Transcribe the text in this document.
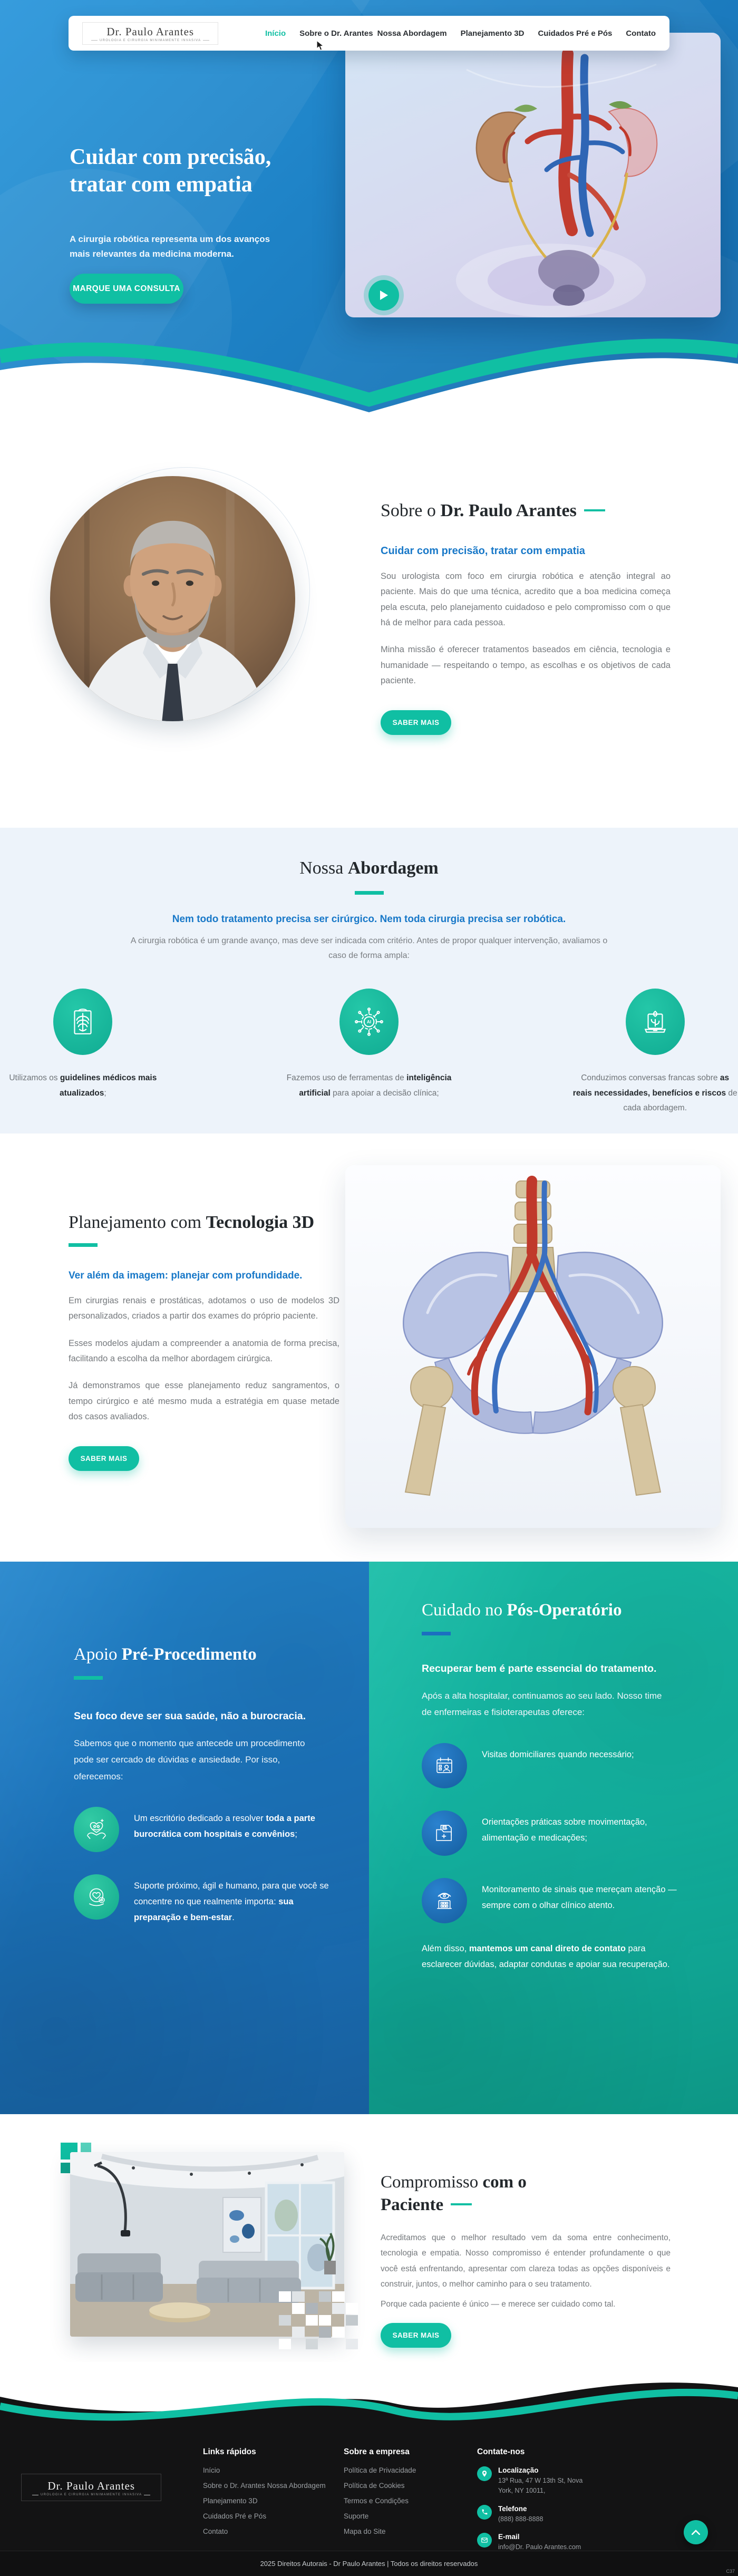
Dr. Paulo Arantes
UROLOGIA E CIRURGIA MINIMAMENTE INVASIVA
Início Sobre o Dr. Arantes Nossa Abordagem Planejamento 3D Cuidados Pré e Pós Contato
Cuidar com precisão,
tratar com empatia

A cirurgia robótica representa um dos avanços mais relevantes da medicina moderna.

MARQUE UMA CONSULTA
Sobre o Dr. Paulo Arantes
Cuidar com precisão, tratar com empatia

Sou urologista com foco em cirurgia robótica e atenção integral ao paciente. Mais do que uma técnica, acredito que a boa medicina começa pela escuta, pelo planejamento cuidadoso e pelo compromisso com o que há de melhor para cada pessoa.

Minha missão é oferecer tratamentos baseados em ciência, tecnologia e humanidade — respeitando o tempo, as escolhas e os objetivos de cada paciente.

SABER MAIS
Nossa Abordagem
Nem todo tratamento precisa ser cirúrgico. Nem toda cirurgia precisa ser robótica.

A cirurgia robótica é um grande avanço, mas deve ser indicada com critério. Antes de propor qualquer intervenção, avaliamos o caso de forma ampla:

Utilizamos os guidelines médicos mais atualizados;

AI

Fazemos uso de ferramentas de inteligência artificial para apoiar a decisão clínica;

Conduzimos conversas francas sobre as reais necessidades, benefícios e riscos de cada abordagem.

Planejamento com Tecnologia 3D
Ver além da imagem: planejar com profundidade.

Em cirurgias renais e prostáticas, adotamos o uso de modelos 3D personalizados, criados a partir dos exames do próprio paciente.

Esses modelos ajudam a compreender a anatomia de forma precisa, facilitando a escolha da melhor abordagem cirúrgica.

Já demonstramos que esse planejamento reduz sangramentos, o tempo cirúrgico e até mesmo muda a estratégia em quase metade dos casos avaliados.

SABER MAIS
Apoio Pré-Procedimento
Seu foco deve ser sua saúde, não a burocracia.

Sabemos que o momento que antecede um procedimento pode ser cercado de dúvidas e ansiedade. Por isso, oferecemos:

Um escritório dedicado a resolver toda a parte burocrática com hospitais e convênios;

Suporte próximo, ágil e humano, para que você se concentre no que realmente importa: sua preparação e bem-estar.

Cuidado no Pós-Operatório
Recuperar bem é parte essencial do tratamento.

Após a alta hospitalar, continuamos ao seu lado. Nosso time de enfermeiras e fisioterapeutas oferece:

Visitas domiciliares quando necessário;

Orientações práticas sobre movimentação, alimentação e medicações;

Monitoramento de sinais que mereçam atenção — sempre com o olhar clínico atento.

Além disso, mantemos um canal direto de contato para esclarecer dúvidas, adaptar condutas e apoiar sua recuperação.

Compromisso com o Paciente

Acreditamos que o melhor resultado vem da soma entre conhecimento, tecnologia e empatia. Nosso compromisso é entender profundamente o que você está enfrentando, apresentar com clareza todas as opções disponíveis e construir, juntos, o melhor caminho para o seu tratamento.

Porque cada paciente é único — e merece ser cuidado como tal.

SABER MAIS
Dr. Paulo Arantes
UROLOGIA E CIRURGIA MINIMAMENTE INVASIVA
Links rápidos
Início
Sobre o Dr. Arantes Nossa Abordagem
Planejamento 3D
Cuidados Pré e Pós
Contato
Sobre a empresa
Política de Privacidade
Política de Cookies
Termos e Condições
Suporte
Mapa do Site
Contate-nos
Localização
13ª Rua, 47 W 13th St, Nova York, NY 10011,
Telefone
(888) 888-8888
E-mail
info@Dr. Paulo Arantes.com
2025 Direitos Autorais - Dr Paulo Arantes | Todos os direitos reservados
C37
